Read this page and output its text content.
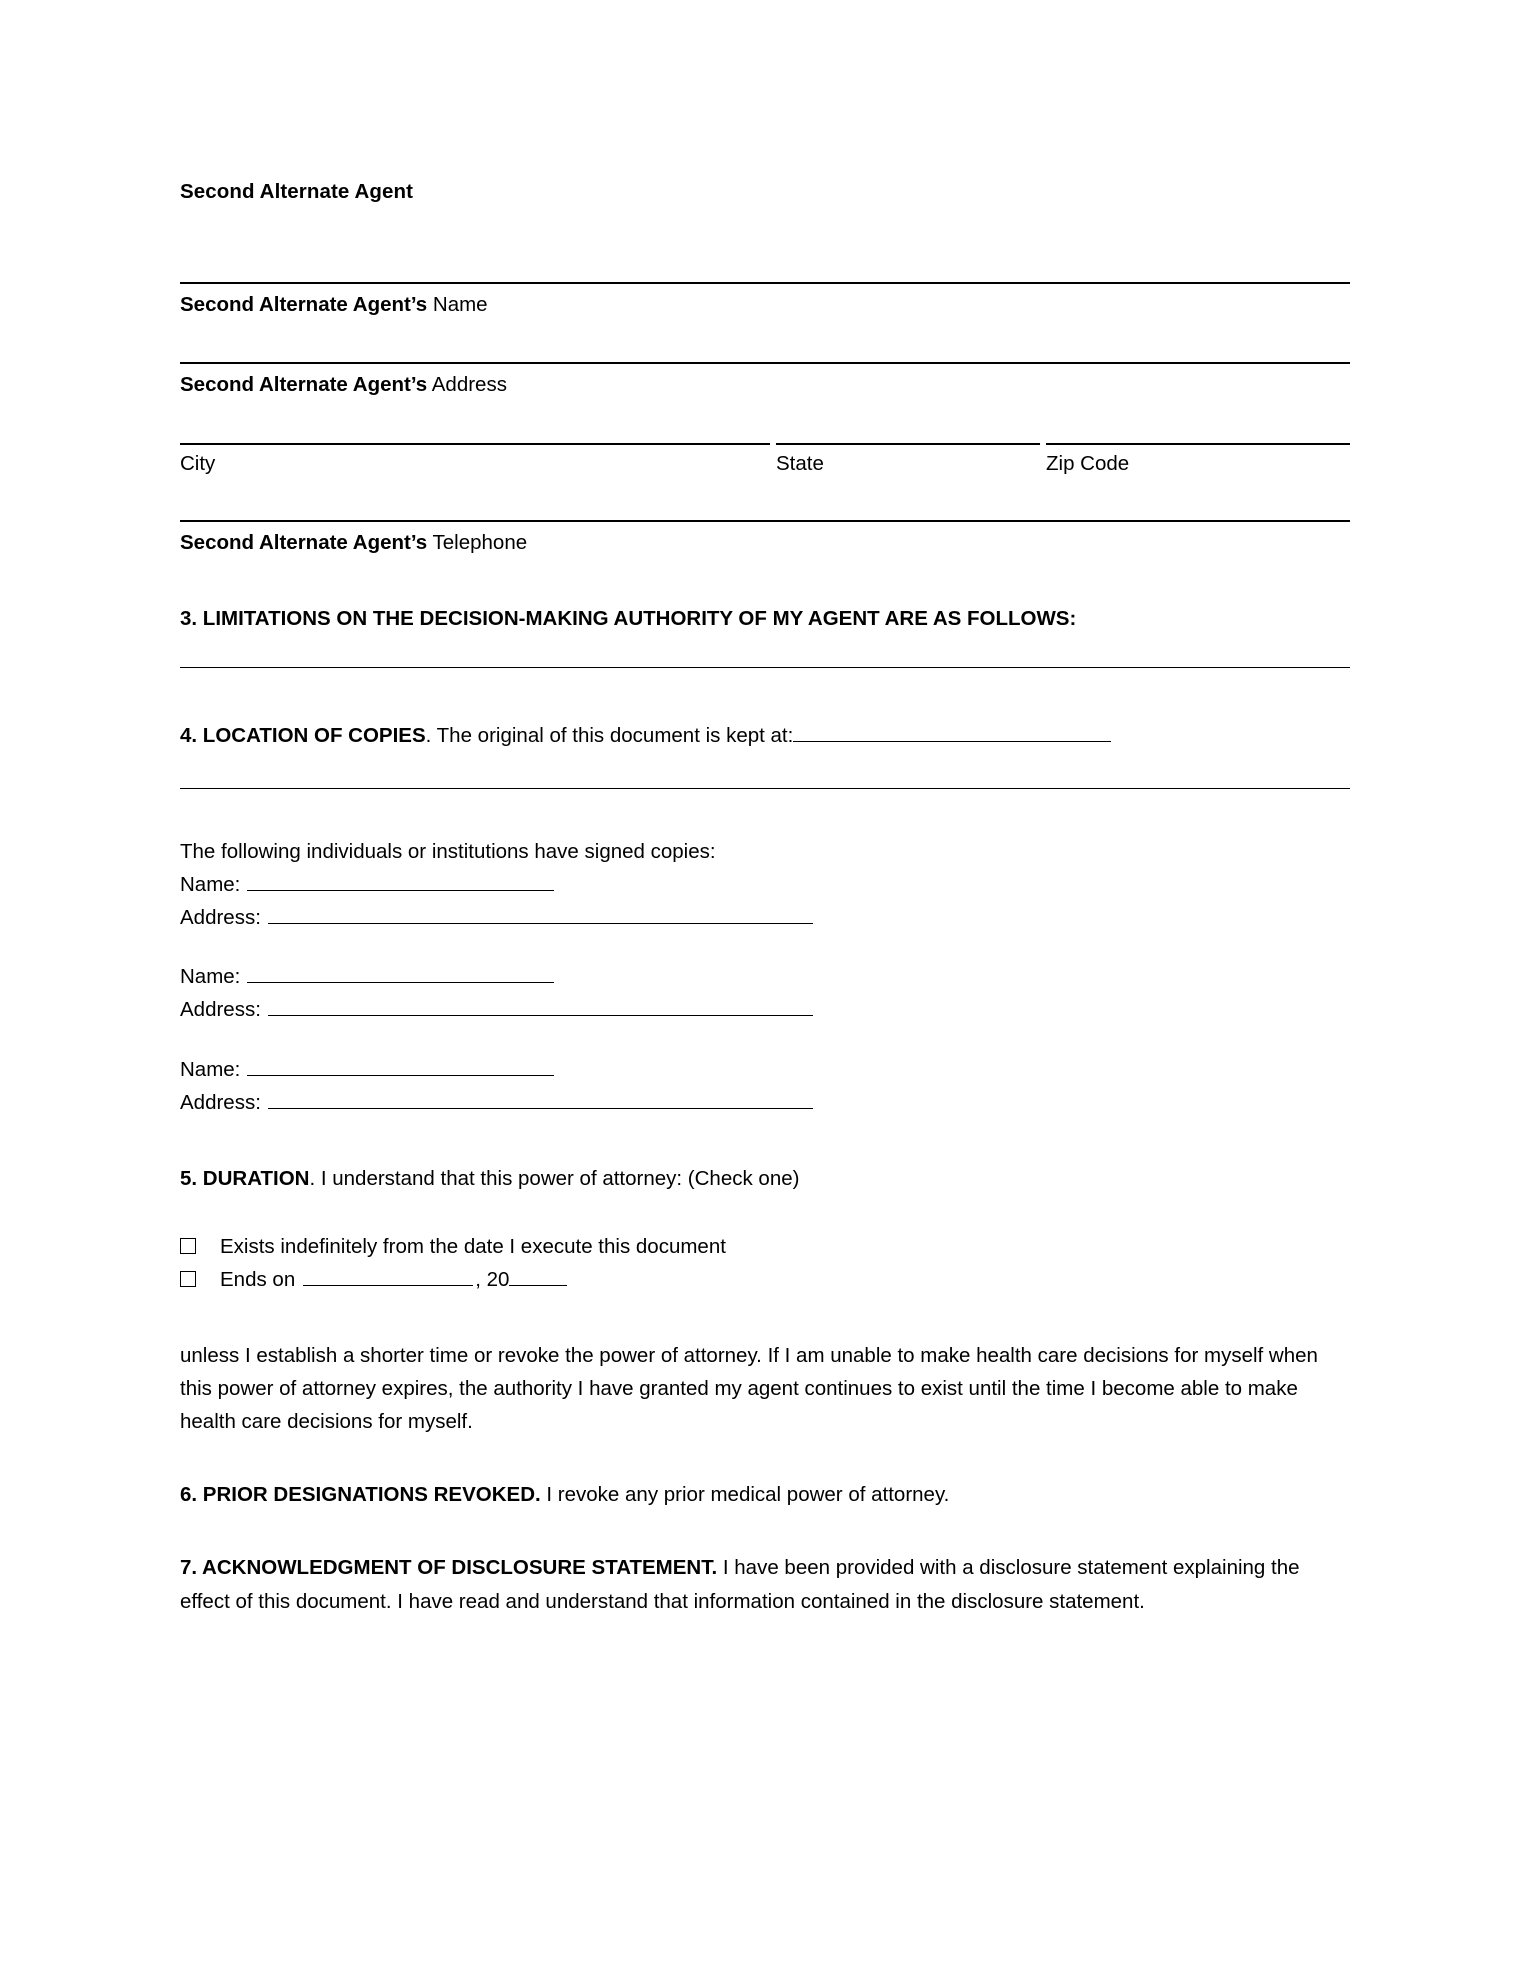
Second Alternate Agent
Second Alternate Agent’s Name
Second Alternate Agent’s Address
City	State	Zip Code
Second Alternate Agent’s Telephone
3. LIMITATIONS ON THE DECISION-MAKING AUTHORITY OF MY AGENT ARE AS FOLLOWS:
4. LOCATION OF COPIES. The original of this document is kept at:
The following individuals or institutions have signed copies:
Name:
Address:
Name:
Address:
Name:
Address:
5. DURATION. I understand that this power of attorney: (Check one)
Exists indefinitely from the date I execute this document
Ends on	, 20
unless I establish a shorter time or revoke the power of attorney. If I am unable to make health care decisions for myself when this power of attorney expires, the authority I have granted my agent continues to exist until the time I become able to make health care decisions for myself.
6. PRIOR DESIGNATIONS REVOKED. I revoke any prior medical power of attorney.
7. ACKNOWLEDGMENT OF DISCLOSURE STATEMENT. I have been provided with a disclosure statement explaining the effect of this document. I have read and understand that information contained in the disclosure statement.
